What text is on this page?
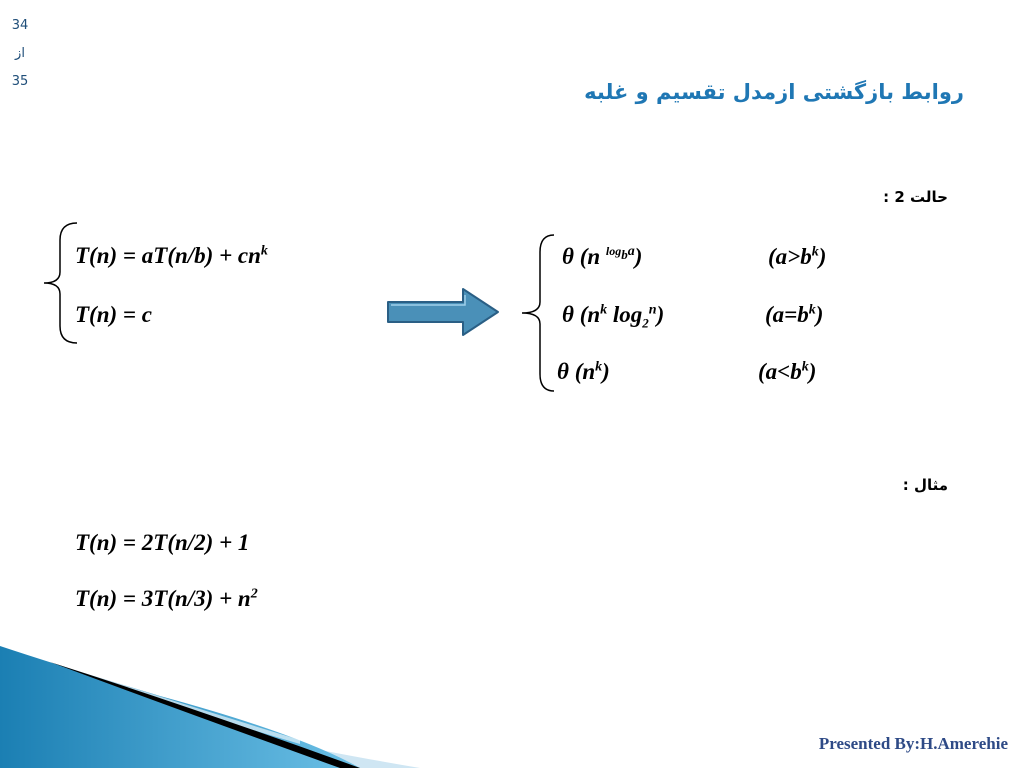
34
از
35	روابط بازگشتی ازمدل تقسیم و غلبه
حالت 2 :
$T(n) = aT(n/b) + cn^k$
T(n) = c
θ (n $^{log_ba}$)	$(a>b^k)$
θ ($n^k$ $\log_2^n$)	$(a=b^k)$
θ $(n^k)$	$(a<b^k)$
مثال :
T(n) = 2T(n/2) + 1
$T(n) = 3T(n/3) + n^2$
Presented By:H.Amerehie
